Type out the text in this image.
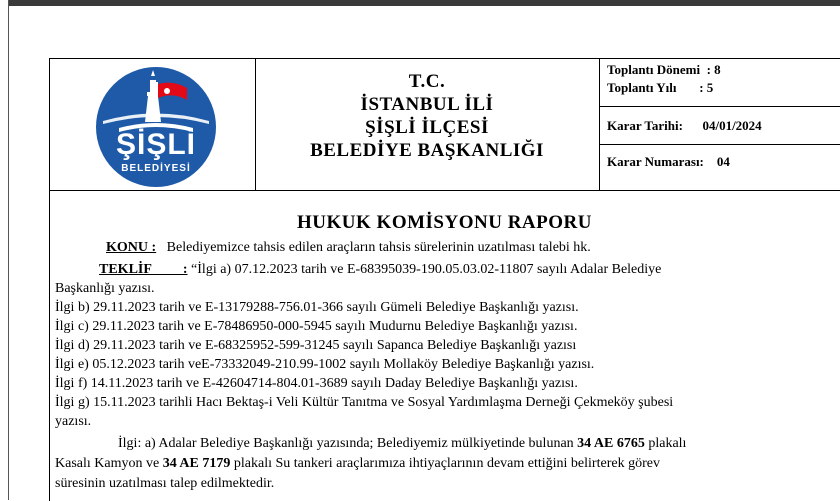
ŞİŞLİ
BELEDİYESİ
T.C.
İSTANBUL İLİ
ŞİŞLİ İLÇESİ
BELEDİYE BAŞKANLIĞI
Toplantı Dönemi  : 8
Toplantı Yılı       : 5
Karar Tarihi:      04/01/2024
Karar Numarası:    04
HUKUK KOMİSYONU RAPORU
KONU : Belediyemizce tahsis edilen araçların tahsis sürelerinin uzatılması talebi hk.
TEKLİF         : “İlgi a) 07.12.2023 tarih ve E-68395039-190.05.03.02-11807 sayılı Adalar Belediye
Başkanlığı yazısı.
İlgi b) 29.11.2023 tarih ve E-13179288-756.01-366 sayılı Gümeli Belediye Başkanlığı yazısı.
İlgi c) 29.11.2023 tarih ve E-78486950-000-5945 sayılı Mudurnu Belediye Başkanlığı yazısı.
İlgi d) 29.11.2023 tarih ve E-68325952-599-31245 sayılı Sapanca Belediye Başkanlığı yazısı
İlgi e) 05.12.2023 tarih veE-73332049-210.99-1002 sayılı Mollaköy Belediye Başkanlığı yazısı.
İlgi f) 14.11.2023 tarih ve E-42604714-804.01-3689 sayılı Daday Belediye Başkanlığı yazısı.
İlgi g) 15.11.2023 tarihli Hacı Bektaş-i Veli Kültür Tanıtma ve Sosyal Yardımlaşma Derneği Çekmeköy şubesi
yazısı.
İlgi: a) Adalar Belediye Başkanlığı yazısında; Belediyemiz mülkiyetinde bulunan 34 AE 6765 plakalı
Kasalı Kamyon ve 34 AE 7179 plakalı Su tankeri araçlarımıza ihtiyaçlarının devam ettiğini belirterek görev
süresinin uzatılması talep edilmektedir.
